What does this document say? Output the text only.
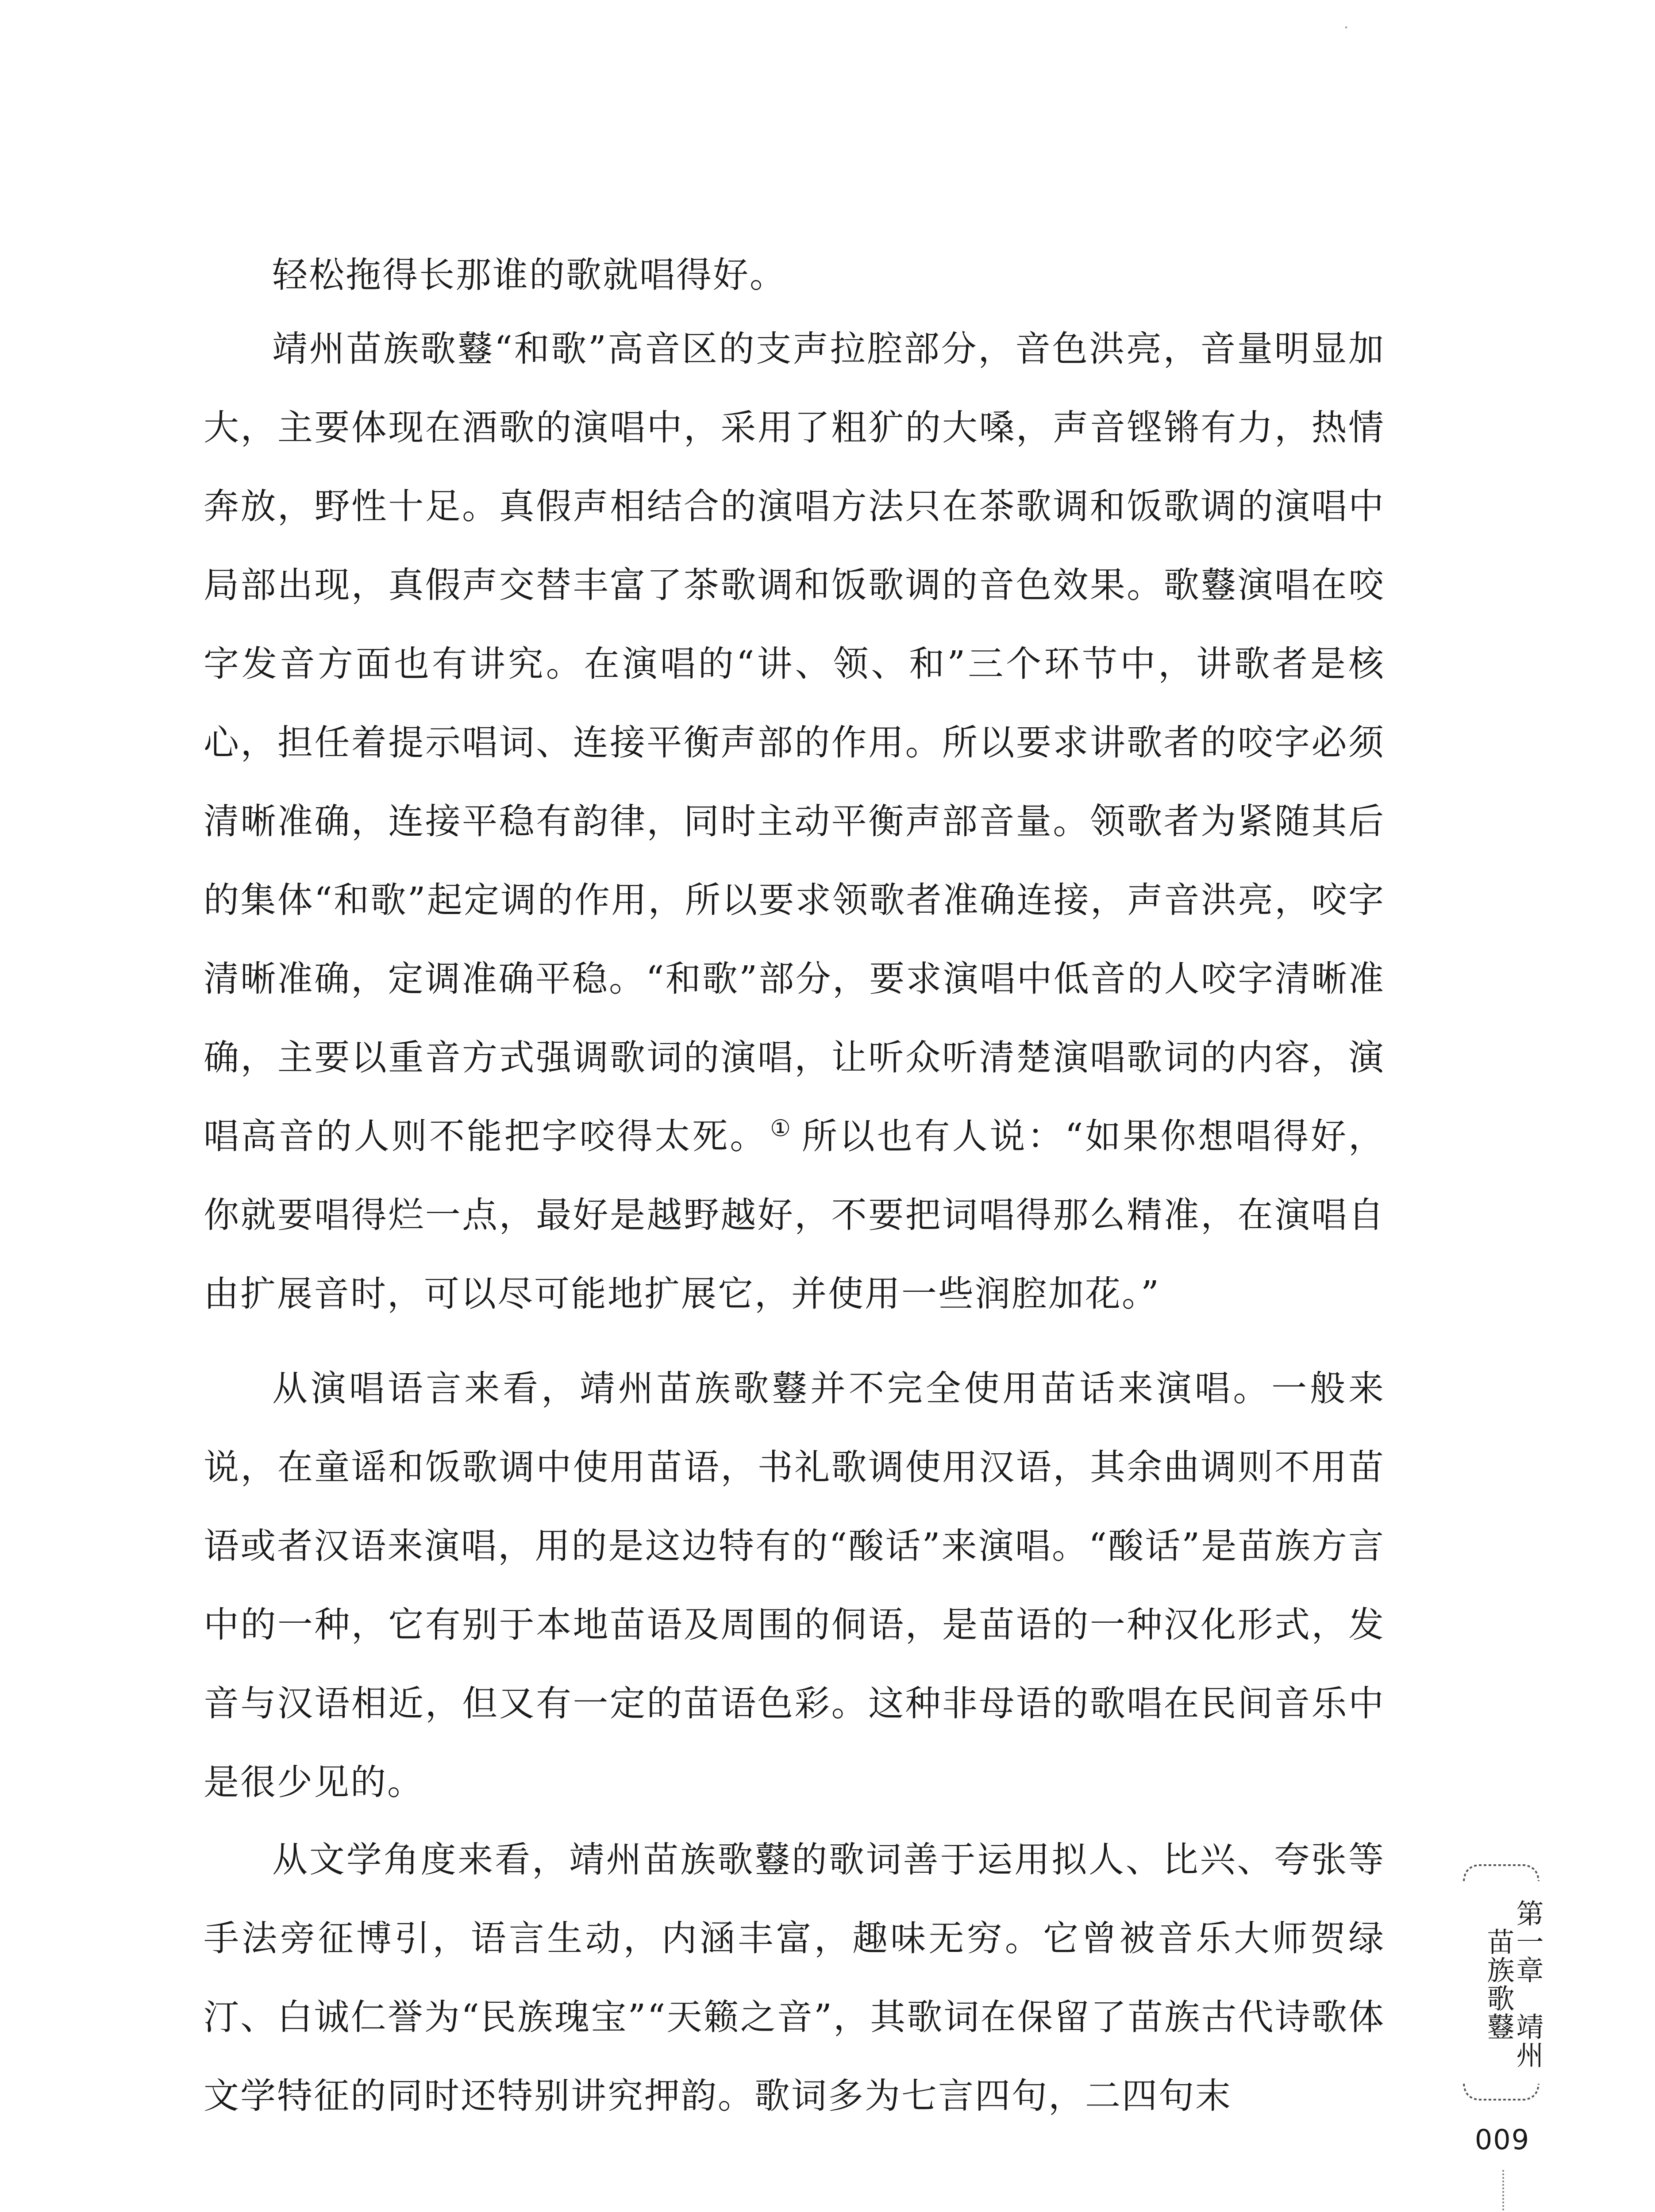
轻松拖得长那谁的歌就唱得好。

靖州苗族歌鼟“和歌”高音区的支声拉腔部分，音色洪亮，音量明显加大，主要体现在酒歌的演唱中，采用了粗犷的大嗓，声音铿锵有力，热情奔放，野性十足。真假声相结合的演唱方法只在茶歌调和饭歌调的演唱中局部出现，真假声交替丰富了茶歌调和饭歌调的音色效果。歌鼟演唱在咬字发音方面也有讲究。在演唱的“讲、领、和”三个环节中，讲歌者是核心，担任着提示唱词、连接平衡声部的作用。所以要求讲歌者的咬字必须清晰准确，连接平稳有韵律，同时主动平衡声部音量。领歌者为紧随其后的集体“和歌”起定调的作用，所以要求领歌者准确连接，声音洪亮，咬字清晰准确，定调准确平稳。“和歌”部分，要求演唱中低音的人咬字清晰准确，主要以重音方式强调歌词的演唱，让听众听清楚演唱歌词的内容，演唱高音的人则不能把字咬得太死。 ① 所以也有人说：“如果你想唱得好，你就要唱得烂一点，最好是越野越好，不要把词唱得那么精准，在演唱自由扩展音时，可以尽可能地扩展它，并使用一些润腔加花。”

从演唱语言来看，靖州苗族歌鼟并不完全使用苗话来演唱。一般来说，在童谣和饭歌调中使用苗语，书礼歌调使用汉语，其余曲调则不用苗语或者汉语来演唱，用的是这边特有的“酸话”来演唱。“酸话”是苗族方言中的一种，它有别于本地苗语及周围的侗语，是苗语的一种汉化形式，发音与汉语相近，但又有一定的苗语色彩。这种非母语的歌唱在民间音乐中是很少见的。

从文学角度来看，靖州苗族歌鼟的歌词善于运用拟人、比兴、夸张等手法旁征博引，语言生动，内涵丰富，趣味无穷。它曾被音乐大师贺绿汀、白诚仁誉为“民族瑰宝”“天籁之音”，其歌词在保留了苗族古代诗歌体文学特征的同时还特别讲究押韵。歌词多为七言四句，二四句末

第一章　靖州苗族歌鼟
009
